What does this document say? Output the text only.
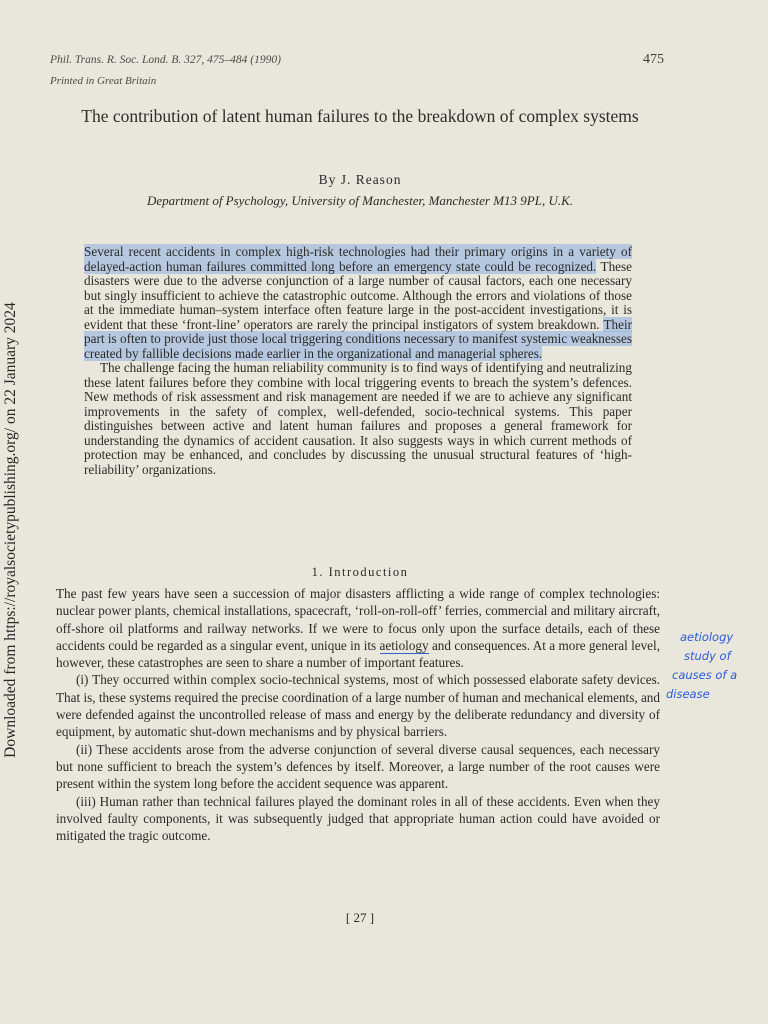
Downloaded from https://royalsocietypublishing.org/ on 22 January 2024
Phil. Trans. R. Soc. Lond. B. 327, 475–484 (1990)	475
Printed in Great Britain
The contribution of latent human failures to the breakdown of complex systems
By J. Reason
Department of Psychology, University of Manchester, Manchester M13 9PL, U.K.

Several recent accidents in complex high-risk technologies had their primary origins in a variety of delayed-action human failures committed long before an emergency state could be recognized. These disasters were due to the adverse conjunction of a large number of causal factors, each one necessary but singly insufficient to achieve the catastrophic outcome. Although the errors and violations of those at the immediate human–system interface often feature large in the post-accident investigations, it is evident that these ‘front-line’ operators are rarely the principal instigators of system breakdown. Their part is often to provide just those local triggering conditions necessary to manifest systemic weaknesses created by fallible decisions made earlier in the organizational and managerial spheres.

The challenge facing the human reliability community is to find ways of identifying and neutralizing these latent failures before they combine with local triggering events to breach the system’s defences. New methods of risk assessment and risk management are needed if we are to achieve any significant improvements in the safety of complex, well-defended, socio-technical systems. This paper distinguishes between active and latent human failures and proposes a general framework for understanding the dynamics of accident causation. It also suggests ways in which current methods of protection may be enhanced, and concludes by discussing the unusual structural features of ‘high-reliability’ organizations.

1. Introduction

The past few years have seen a succession of major disasters afflicting a wide range of complex technologies: nuclear power plants, chemical installations, spacecraft, ‘roll-on-roll-off’ ferries, commercial and military aircraft, off-shore oil platforms and railway networks. If we were to focus only upon the surface details, each of these accidents could be regarded as a singular event, unique in its aetiology and consequences. At a more general level, however, these catastrophes are seen to share a number of important features.

(i) They occurred within complex socio-technical systems, most of which possessed elaborate safety devices. That is, these systems required the precise coordination of a large number of human and mechanical elements, and were defended against the uncontrolled release of mass and energy by the deliberate redundancy and diversity of equipment, by automatic shut-down mechanisms and by physical barriers.

(ii) These accidents arose from the adverse conjunction of several diverse causal sequences, each necessary but none sufficient to breach the system’s defences by itself. Moreover, a large number of the root causes were present within the system long before the accident sequence was apparent.

(iii) Human rather than technical failures played the dominant roles in all of these accidents. Even when they involved faulty components, it was subsequently judged that appropriate human action could have avoided or mitigated the tragic outcome.

[ 27 ]
aetiology
study of
causes of a
disease
